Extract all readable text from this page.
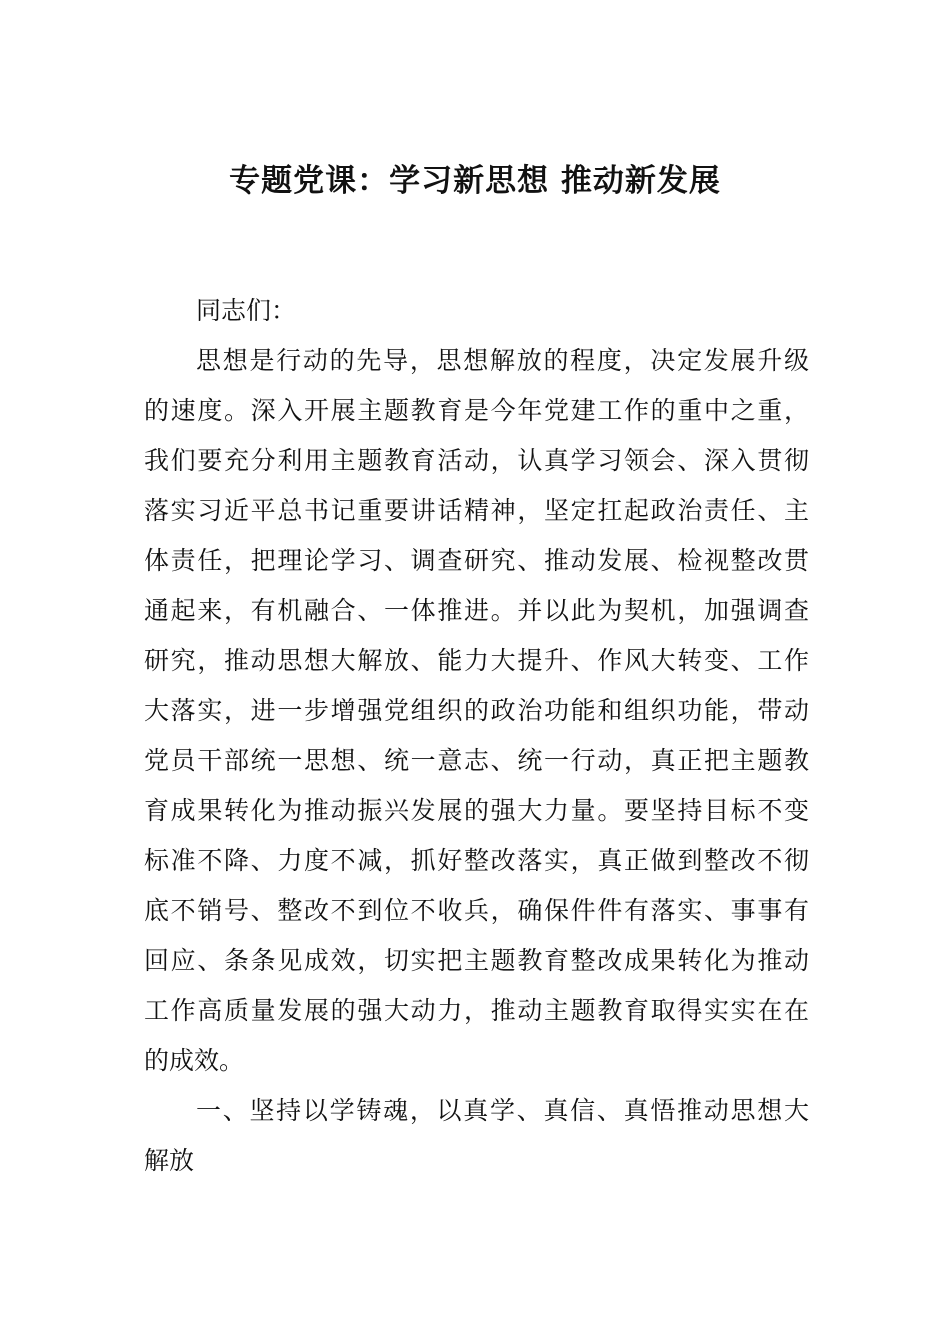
专题党课：学习新思想 推动新发展
同志们：
思想是行动的先导，思想解放的程度，决定发展升级
的速度。深入开展主题教育是今年党建工作的重中之重，
我们要充分利用主题教育活动，认真学习领会、深入贯彻
落实习近平总书记重要讲话精神，坚定扛起政治责任、主
体责任，把理论学习、调查研究、推动发展、检视整改贯
通起来，有机融合、一体推进。并以此为契机，加强调查
研究，推动思想大解放、能力大提升、作风大转变、工作
大落实，进一步增强党组织的政治功能和组织功能，带动
党员干部统一思想、统一意志、统一行动，真正把主题教
育成果转化为推动振兴发展的强大力量。要坚持目标不变
标准不降、力度不减，抓好整改落实，真正做到整改不彻
底不销号、整改不到位不收兵，确保件件有落实、事事有
回应、条条见成效，切实把主题教育整改成果转化为推动
工作高质量发展的强大动力，推动主题教育取得实实在在
的成效。
一、坚持以学铸魂，以真学、真信、真悟推动思想大
解放
